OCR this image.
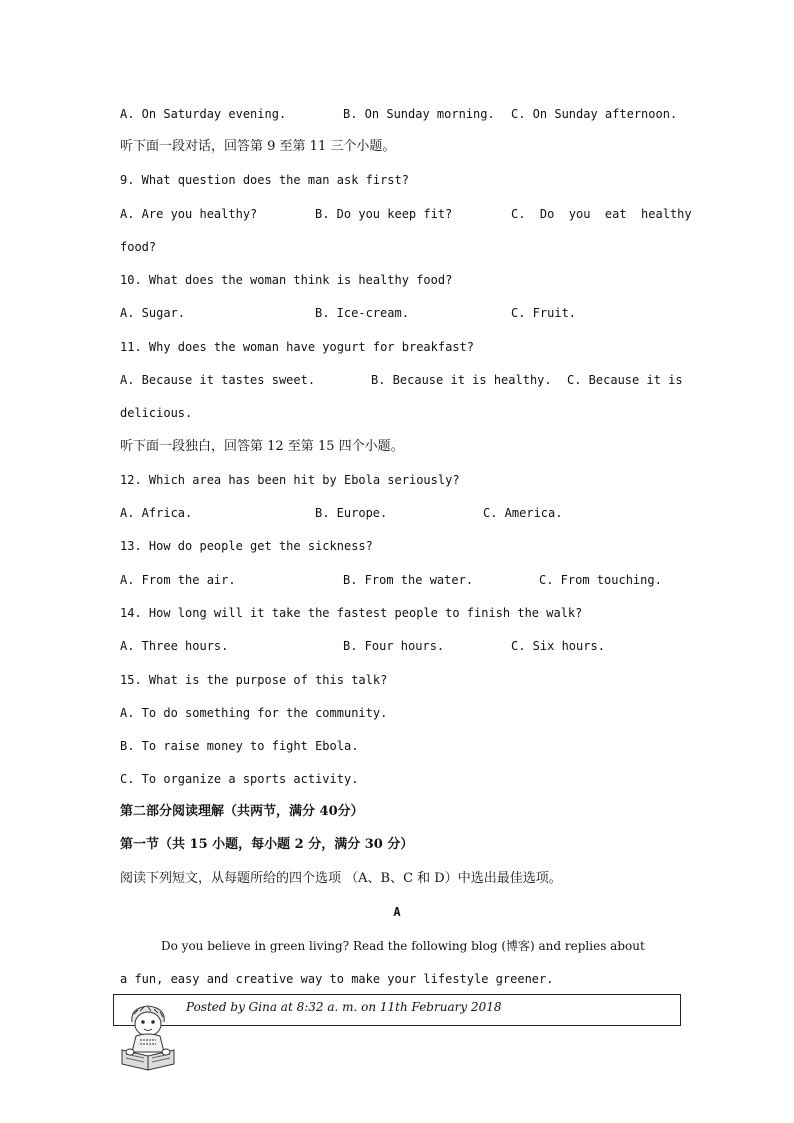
A. On Saturday evening.	B. On Sunday morning. C. On Sunday afternoon.
听下面一段对话，回答第 9 至第 11 三个小题。
9. What question does the man ask first?
A. Are you healthy?	B. Do you keep fit?	C.  Do  you  eat  healthy
food?
10. What does the woman think is healthy food?
A. Sugar.	B. Ice-cream.	C. Fruit.
11. Why does the woman have yogurt for breakfast?
A. Because it tastes sweet.	B. Because it is healthy. C. Because it is
delicious.
听下面一段独白，回答第 12 至第 15 四个小题。
12. Which area has been hit by Ebola seriously?
A. Africa.	B. Europe.	C. America.
13. How do people get the sickness?
A. From the air.	B. From the water.	C. From touching.
14. How long will it take the fastest people to finish the walk?
A. Three hours.	B. Four hours.	C. Six hours.
15. What is the purpose of this talk?
A. To do something for the community.
B. To raise money to fight Ebola.
C. To organize a sports activity.
第二部分阅读理解（共两节，满分 40分）
第一节（共 15 小题，每小题 2 分，满分 30 分）
阅读下列短文，从每题所给的四个选项 （A、B、C 和 D）中选出最佳选项。
A
Do you believe in green living? Read the following blog (博客) and replies about
a fun, easy and creative way to make your lifestyle greener.
Posted by Gina at 8:32 a. m. on 11th February 2018
